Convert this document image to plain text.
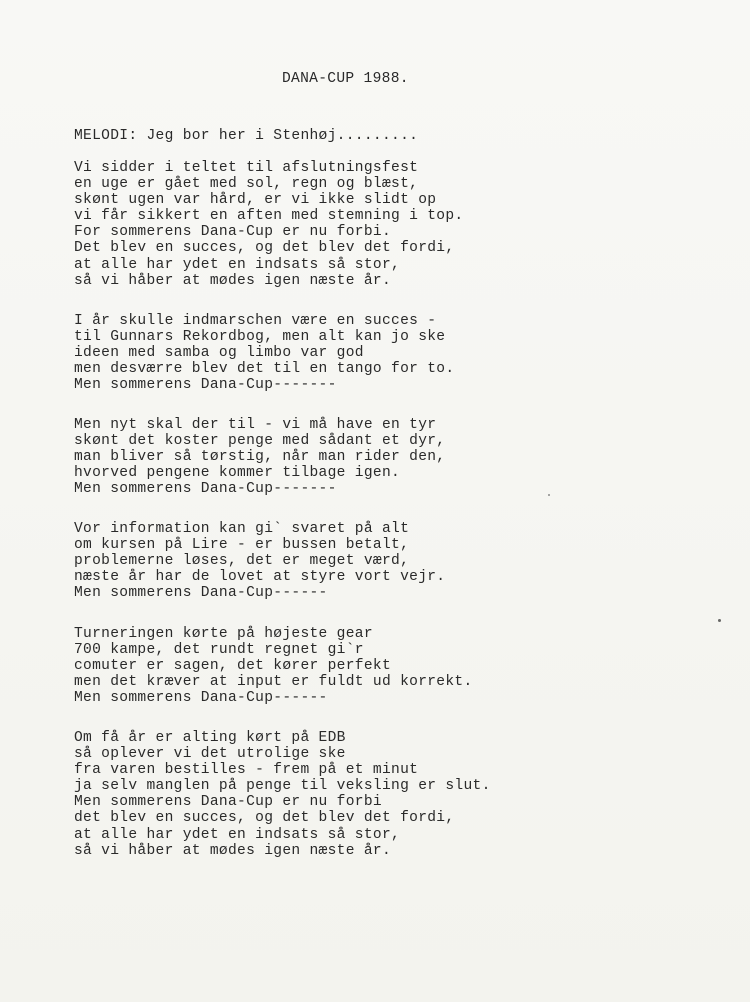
DANA-CUP 1988.
MELODI: Jeg bor her i Stenhøj.........
Vi sidder i teltet til afslutningsfest
en uge er gået med sol, regn og blæst,
skønt ugen var hård, er vi ikke slidt op
vi får sikkert en aften med stemning i top.
For sommerens Dana-Cup er nu forbi.
Det blev en succes, og det blev det fordi,
at alle har ydet en indsats så stor,
så vi håber at mødes igen næste år.
I år skulle indmarschen være en succes -
til Gunnars Rekordbog, men alt kan jo ske
ideen med samba og limbo var god
men desværre blev det til en tango for to.
Men sommerens Dana-Cup-------
Men nyt skal der til - vi må have en tyr
skønt det koster penge med sådant et dyr,
man bliver så tørstig, når man rider den,
hvorved pengene kommer tilbage igen.
Men sommerens Dana-Cup-------
Vor information kan gi` svaret på alt
om kursen på Lire - er bussen betalt,
problemerne løses, det er meget værd,
næste år har de lovet at styre vort vejr.
Men sommerens Dana-Cup------
Turneringen kørte på højeste gear
700 kampe, det rundt regnet gi`r
comuter er sagen, det kører perfekt
men det kræver at input er fuldt ud korrekt.
Men sommerens Dana-Cup------
Om få år er alting kørt på EDB
så oplever vi det utrolige ske
fra varen bestilles - frem på et minut
ja selv manglen på penge til veksling er slut.
Men sommerens Dana-Cup er nu forbi
det blev en succes, og det blev det fordi,
at alle har ydet en indsats så stor,
så vi håber at mødes igen næste år.
